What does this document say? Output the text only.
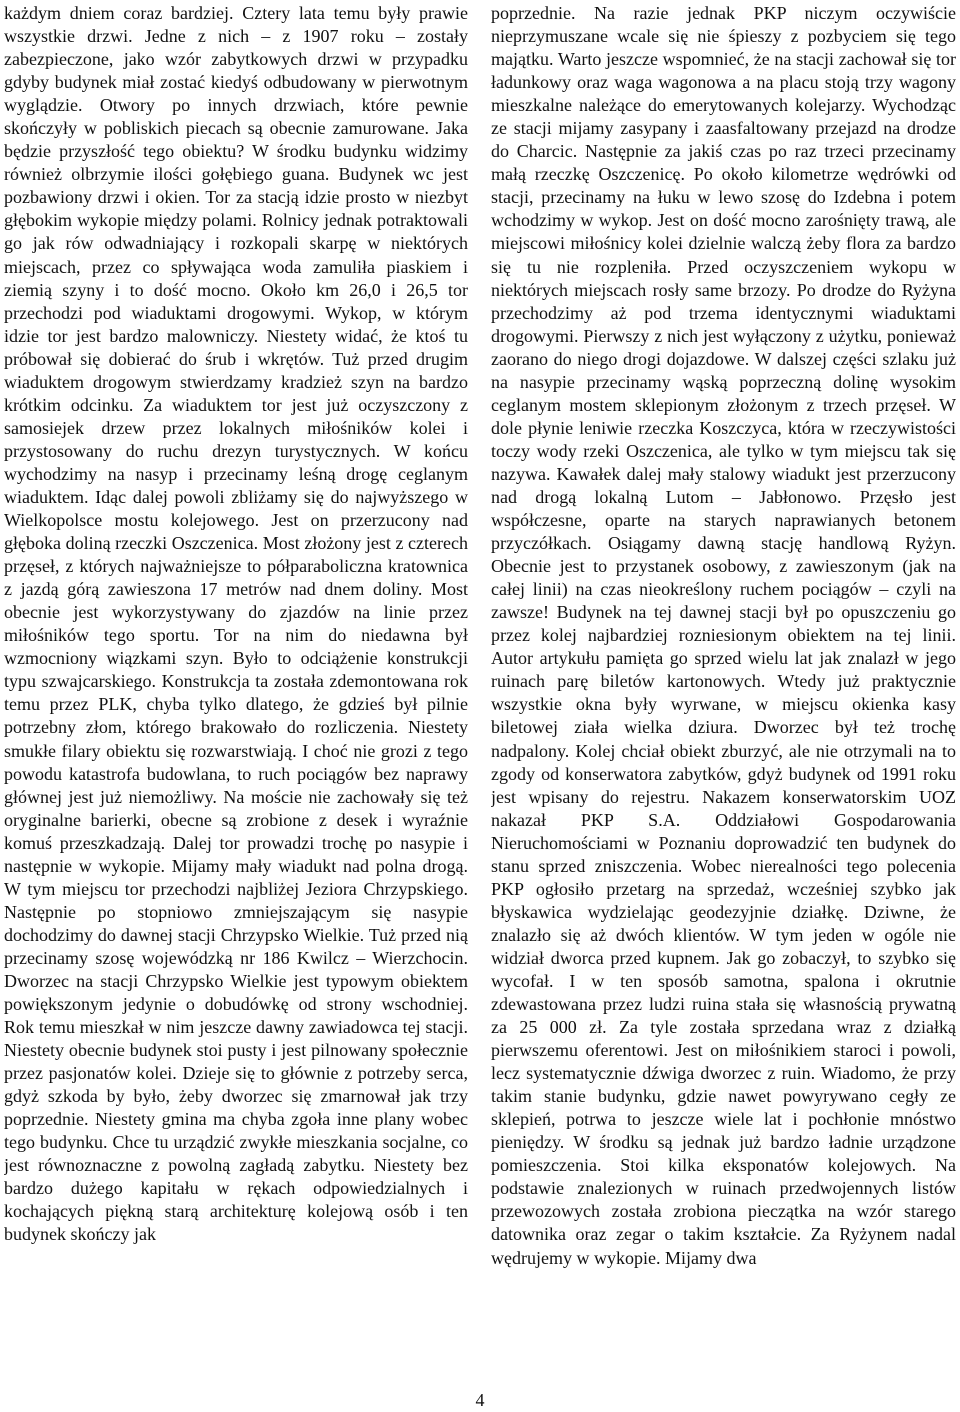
każdym dniem coraz bardziej. Cztery lata temu były prawie wszystkie drzwi. Jedne z nich – z 1907 roku – zostały zabezpieczone, jako wzór zabytkowych drzwi w przypadku gdyby budynek miał zostać kiedyś odbudowany w pierwotnym wyglądzie. Otwory po innych drzwiach, które pewnie skończyły w pobliskich piecach są obecnie zamurowane. Jaka będzie przyszłość tego obiektu? W środku budynku widzimy również olbrzymie ilości gołębiego guana. Budynek wc jest pozbawiony drzwi i okien. Tor za stacją idzie prosto w niezbyt głębokim wykopie między polami. Rolnicy jednak potraktowali go jak rów odwadniający i rozkopali skarpę w niektórych miejscach, przez co spływająca woda zamuliła piaskiem i ziemią szyny i to dość mocno. Około km 26,0 i 26,5 tor przechodzi pod wiaduktami drogowymi. Wykop, w którym idzie tor jest bardzo malowniczy. Niestety widać, że ktoś tu próbował się dobierać do śrub i wkrętów. Tuż przed drugim wiaduktem drogowym stwierdzamy kradzież szyn na bardzo krótkim odcinku. Za wiaduktem tor jest już oczyszczony z samosiejek drzew przez lokalnych miłośników kolei i przystosowany do ruchu drezyn turystycznych. W końcu wychodzimy na nasyp i przecinamy leśną drogę ceglanym wiaduktem. Idąc dalej powoli zbliżamy się do najwyższego w Wielkopolsce mostu kolejowego. Jest on przerzucony nad głęboka doliną rzeczki Oszczenica. Most złożony jest z czterech przęseł, z których najważniejsze to półparaboliczna kratownica z jazdą górą zawieszona 17 metrów nad dnem doliny. Most obecnie jest wykorzystywany do zjazdów na linie przez miłośników tego sportu. Tor na nim do niedawna był wzmocniony wiązkami szyn. Było to odciążenie konstrukcji typu szwajcarskiego. Konstrukcja ta została zdemontowana rok temu przez PLK, chyba tylko dlatego, że gdzieś był pilnie potrzebny złom, którego brakowało do rozliczenia. Niestety smukłe filary obiektu się rozwarstwiają. I choć nie grozi z tego powodu katastrofa budowlana, to ruch pociągów bez naprawy głównej jest już niemożliwy. Na moście nie zachowały się też oryginalne barierki, obecne są zrobione z desek i wyraźnie komuś przeszkadzają. Dalej tor prowadzi trochę po nasypie i następnie w wykopie. Mijamy mały wiadukt nad polna drogą. W tym miejscu tor przechodzi najbliżej Jeziora Chrzypskiego. Następnie po stopniowo zmniejszającym się nasypie dochodzimy do dawnej stacji Chrzypsko Wielkie. Tuż przed nią przecinamy szosę wojewódzką nr 186 Kwilcz – Wierzchocin. Dworzec na stacji Chrzypsko Wielkie jest typowym obiektem powiększonym jedynie o dobudówkę od strony wschodniej. Rok temu mieszkał w nim jeszcze dawny zawiadowca tej stacji. Niestety obecnie budynek stoi pusty i jest pilnowany społecznie przez pasjonatów kolei. Dzieje się to głównie z potrzeby serca, gdyż szkoda by było, żeby dworzec się zmarnował jak trzy poprzednie. Niestety gmina ma chyba zgoła inne plany wobec tego budynku. Chce tu urządzić zwykłe mieszkania socjalne, co jest równoznaczne z powolną zagładą zabytku. Niestety bez bardzo dużego kapitału w rękach odpowiedzialnych i kochających piękną starą architekturę kolejową osób i ten budynek skończy jak

poprzednie. Na razie jednak PKP niczym oczywiście nieprzymuszane wcale się nie śpieszy z pozbyciem się tego majątku. Warto jeszcze wspomnieć, że na stacji zachował się tor ładunkowy oraz waga wagonowa a na placu stoją trzy wagony mieszkalne należące do emerytowanych kolejarzy. Wychodząc ze stacji mijamy zasypany i zaasfaltowany przejazd na drodze do Charcic. Następnie za jakiś czas po raz trzeci przecinamy małą rzeczkę Oszczenicę. Po około kilometrze wędrówki od stacji, przecinamy na łuku w lewo szosę do Izdebna i potem wchodzimy w wykop. Jest on dość mocno zarośnięty trawą, ale miejscowi miłośnicy kolei dzielnie walczą żeby flora za bardzo się tu nie rozpleniła. Przed oczyszczeniem wykopu w niektórych miejscach rosły same brzozy. Po drodze do Ryżyna przechodzimy aż pod trzema identycznymi wiaduktami drogowymi. Pierwszy z nich jest wyłączony z użytku, ponieważ zaorano do niego drogi dojazdowe. W dalszej części szlaku już na nasypie przecinamy wąską poprzeczną dolinę wysokim ceglanym mostem sklepionym złożonym z trzech przęseł. W dole płynie leniwie rzeczka Koszczyca, która w rzeczywistości toczy wody rzeki Oszczenica, ale tylko w tym miejscu tak się nazywa. Kawałek dalej mały stalowy wiadukt jest przerzucony nad drogą lokalną Lutom – Jabłonowo. Przęsło jest współczesne, oparte na starych naprawianych betonem przyczółkach. Osiągamy dawną stację handlową Ryżyn. Obecnie jest to przystanek osobowy, z zawieszonym (jak na całej linii) na czas nieokreślony ruchem pociągów – czyli na zawsze! Budynek na tej dawnej stacji był po opuszczeniu go przez kolej najbardziej rozniesionym obiektem na tej linii. Autor artykułu pamięta go sprzed wielu lat jak znalazł w jego ruinach parę biletów kartonowych. Wtedy już praktycznie wszystkie okna były wyrwane, w miejscu okienka kasy biletowej ziała wielka dziura. Dworzec był też trochę nadpalony. Kolej chciał obiekt zburzyć, ale nie otrzymali na to zgody od konserwatora zabytków, gdyż budynek od 1991 roku jest wpisany do rejestru. Nakazem konserwatorskim UOZ nakazał PKP S.A. Oddziałowi Gospodarowania Nieruchomościami w Poznaniu doprowadzić ten budynek do stanu sprzed zniszczenia. Wobec nierealności tego polecenia PKP ogłosiło przetarg na sprzedaż, wcześniej szybko jak błyskawica wydzielając geodezyjnie działkę. Dziwne, że znalazło się aż dwóch klientów. W tym jeden w ogóle nie widział dworca przed kupnem. Jak go zobaczył, to szybko się wycofał. I w ten sposób samotna, spalona i okrutnie zdewastowana przez ludzi ruina stała się własnością prywatną za 25 000 zł. Za tyle została sprzedana wraz z działką pierwszemu oferentowi. Jest on miłośnikiem staroci i powoli, lecz systematycznie dźwiga dworzec z ruin. Wiadomo, że przy takim stanie budynku, gdzie nawet powyrywano cegły ze sklepień, potrwa to jeszcze wiele lat i pochłonie mnóstwo pieniędzy. W środku są jednak już bardzo ładnie urządzone pomieszczenia. Stoi kilka eksponatów kolejowych. Na podstawie znalezionych w ruinach przedwojennych listów przewozowych została zrobiona pieczątka na wzór starego datownika oraz zegar o takim kształcie. Za Ryżynem nadal wędrujemy w wykopie. Mijamy dwa

4
